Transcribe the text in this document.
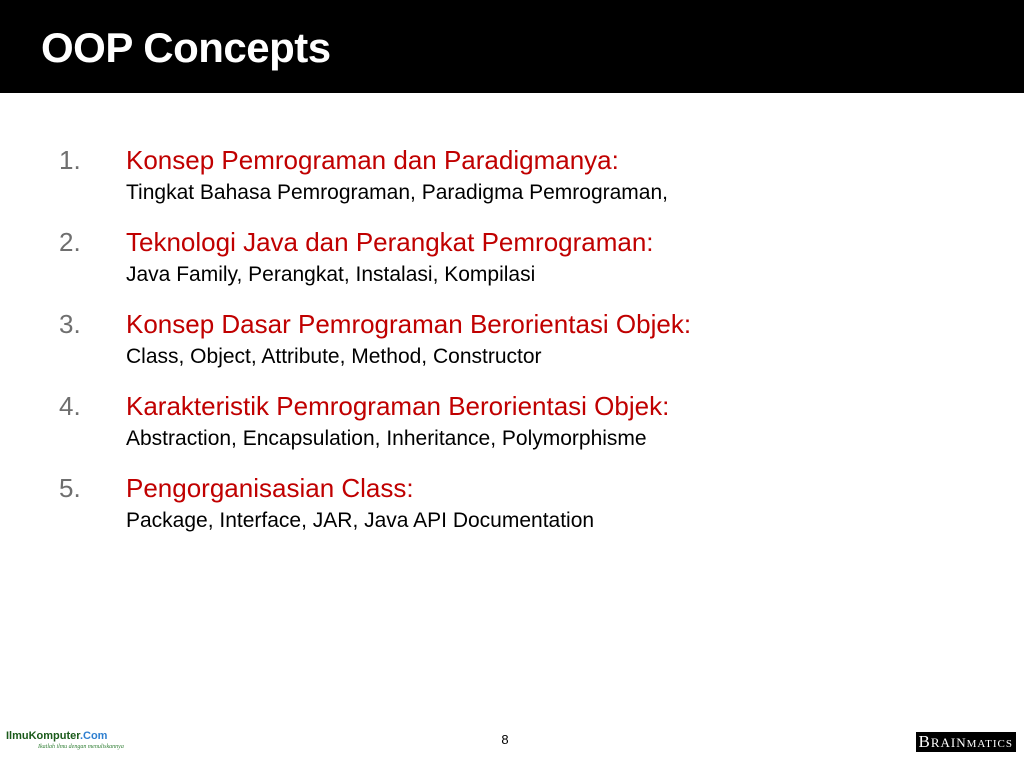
OOP Concepts
1. Konsep Pemrograman dan Paradigmanya:
Tingkat Bahasa Pemrograman, Paradigma Pemrograman,
2. Teknologi Java dan Perangkat Pemrograman:
Java Family, Perangkat, Instalasi, Kompilasi
3. Konsep Dasar Pemrograman Berorientasi Objek:
Class, Object, Attribute, Method, Constructor
4. Karakteristik Pemrograman Berorientasi Objek:
Abstraction, Encapsulation, Inheritance, Polymorphisme
5. Pengorganisasian Class:
Package, Interface, JAR, Java API Documentation
IlmuKomputer.Com
Ikatlah ilmu dengan menuliskannya	8	BRAINMATICS
